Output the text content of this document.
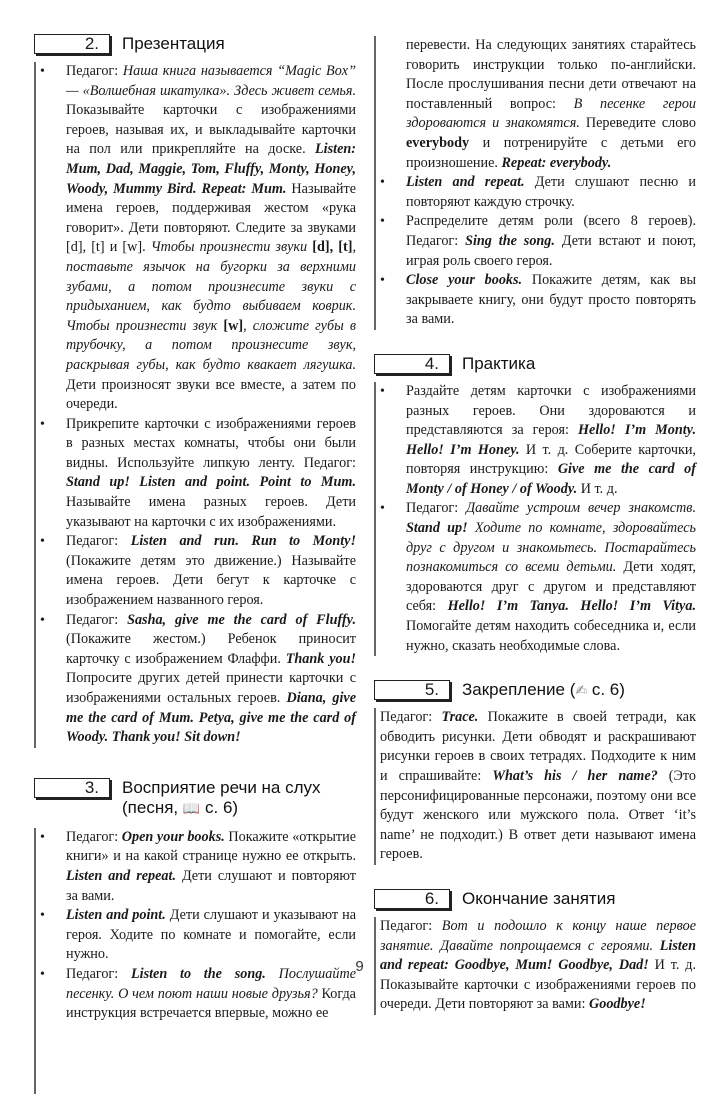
2.	Презентация
• Педагог: Наша книга называется “Magic Box” — «Волшебная шкатулка». Здесь живет семья. Показывайте карточки с изображениями героев, называя их, и выкладывайте карточки на пол или прикрепляйте на доске. Listen: Mum, Dad, Maggie, Tom, Fluffy, Monty, Honey, Woody, Mummy Bird. Repeat: Mum. Называйте имена героев, поддерживая жестом «рука говорит». Дети повторяют. Следите за звуками [d], [t] и [w]. Чтобы произнести звуки [d], [t], поставьте язычок на бугорки за верхними зубами, а потом произнесите звуки с придыханием, как будто выбиваем коврик. Чтобы произнести звук [w], сложите губы в трубочку, а потом произнесите звук, раскрывая губы, как будто квакает лягушка. Дети произносят звуки все вместе, а затем по очереди.
• Прикрепите карточки с изображениями героев в разных местах комнаты, чтобы они были видны. Используйте липкую ленту. Педагог: Stand up! Listen and point. Point to Mum. Называйте имена разных героев. Дети указывают на карточки с их изображениями.
• Педагог: Listen and run. Run to Monty! (Покажите детям это движение.) Называйте имена героев. Дети бегут к карточке с изображением названного героя.
• Педагог: Sasha, give me the card of Fluffy. (Покажите жестом.) Ребенок приносит карточку с изображением Флаффи. Thank you! Попросите других детей принести карточки с изображениями остальных героев. Diana, give me the card of Mum. Petya, give me the card of Woody. Thank you! Sit down!
3.	Восприятие речи на слух
(песня, 📖 с. 6)
• Педагог: Open your books. Покажите «открытие книги» и на какой странице нужно ее открыть. Listen and repeat. Дети слушают и повторяют за вами.
• Listen and point. Дети слушают и указывают на героя. Ходите по комнате и помогайте, если нужно.
• Педагог: Listen to the song. Послушайте песенку. О чем поют наши новые друзья? Когда инструкция встречается впервые, можно ее
перевести. На следующих занятиях старайтесь говорить инструкции только по-английски. После прослушивания песни дети отвечают на поставленный вопрос: В песенке герои здороваются и знакомятся. Переведите слово everybody и потренируйте с детьми его произношение. Repeat: everybody.
• Listen and repeat. Дети слушают песню и повторяют каждую строчку.
• Распределите детям роли (всего 8 героев). Педагог: Sing the song. Дети встают и поют, играя роль своего героя.
• Close your books. Покажите детям, как вы закрываете книгу, они будут просто повторять за вами.
4.	Практика
• Раздайте детям карточки с изображениями разных героев. Они здороваются и представляются за героя: Hello! I’m Monty. Hello! I’m Honey. И т. д. Соберите карточки, повторяя инструкцию: Give me the card of Monty / of Honey / of Woody. И т. д.
• Педагог: Давайте устроим вечер знакомств. Stand up! Ходите по комнате, здоровайтесь друг с другом и знакомьтесь. Постарайтесь познакомиться со всеми детьми. Дети ходят, здороваются друг с другом и представляют себя: Hello! I’m Tanya. Hello! I’m Vitya. Помогайте детям находить собеседника и, если нужно, сказать необходимые слова.
5.	Закрепление (✍ с. 6)
Педагог: Trace. Покажите в своей тетради, как обводить рисунки. Дети обводят и раскрашивают рисунки героев в своих тетрадях. Подходите к ним и спрашивайте: What’s his / her name? (Это персонифицированные персонажи, поэтому они все будут женского или мужского пола. Ответ ‘it’s name’ не подходит.) В ответ дети называют имена героев.
6.	Окончание занятия
Педагог: Вот и подошло к концу наше первое занятие. Давайте попрощаемся с героями. Listen and repeat: Goodbye, Mum! Goodbye, Dad! И т. д. Показывайте карточки с изображениями героев по очереди. Дети повторяют за вами: Goodbye!
9
